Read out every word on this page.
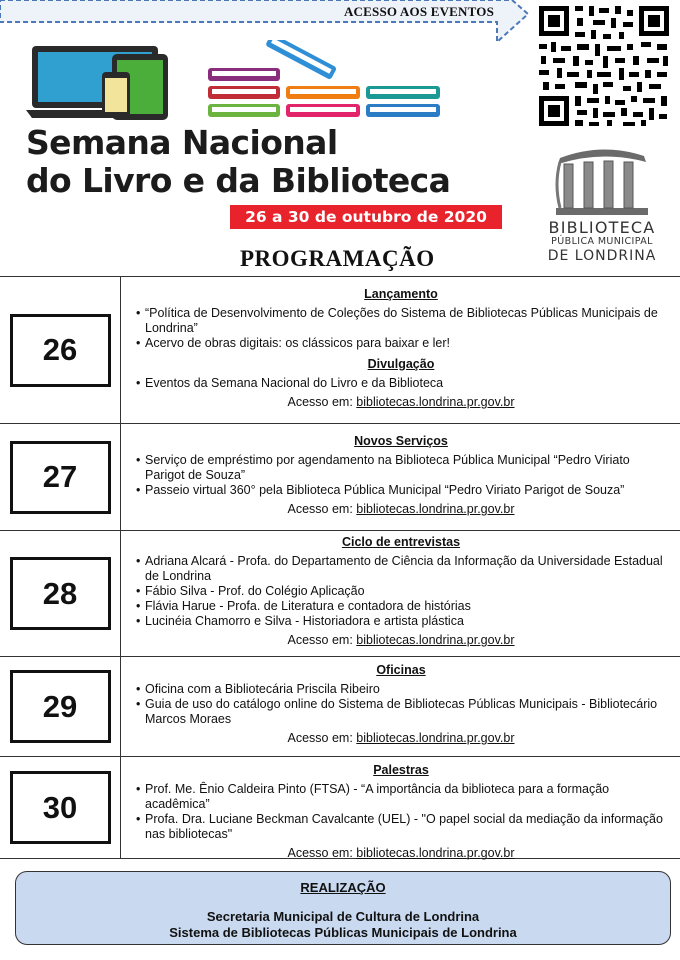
ACESSO AOS EVENTOS
Semana Nacional
do Livro e da Biblioteca
26 a 30 de outubro de 2020
BIBLIOTECA
PÚBLICA MUNICIPAL
DE LONDRINA
PROGRAMAÇÃO
26
Lançamento
• “Política de Desenvolvimento de Coleções do Sistema de Bibliotecas Públicas Municipais de Londrina”
• Acervo de obras digitais: os clássicos para baixar e ler!
Divulgação
• Eventos da Semana Nacional do Livro e da Biblioteca
Acesso em: bibliotecas.londrina.pr.gov.br
27
Novos Serviços
• Serviço de empréstimo por agendamento na Biblioteca Pública Municipal “Pedro Viriato Parigot de Souza”
• Passeio virtual 360° pela Biblioteca Pública Municipal “Pedro Viriato Parigot de Souza”
Acesso em: bibliotecas.londrina.pr.gov.br
28
Ciclo de entrevistas
• Adriana Alcará - Profa. do Departamento de Ciência da Informação da Universidade Estadual de Londrina
• Fábio Silva - Prof. do Colégio Aplicação
• Flávia Harue - Profa. de Literatura e contadora de histórias
• Lucinéia Chamorro e Silva - Historiadora e artista plástica
Acesso em: bibliotecas.londrina.pr.gov.br
29
Oficinas
• Oficina com a Bibliotecária Priscila Ribeiro
• Guia de uso do catálogo online do Sistema de Bibliotecas Públicas Municipais - Bibliotecário Marcos Moraes
Acesso em: bibliotecas.londrina.pr.gov.br
30
Palestras
• Prof. Me. Ênio Caldeira Pinto (FTSA) - “A importância da biblioteca para a formação acadêmica”
• Profa. Dra. Luciane Beckman Cavalcante (UEL) - "O papel social da mediação da informação nas bibliotecas"
Acesso em: bibliotecas.londrina.pr.gov.br
REALIZAÇÃO
Secretaria Municipal de Cultura de Londrina
Sistema de Bibliotecas Públicas Municipais de Londrina
